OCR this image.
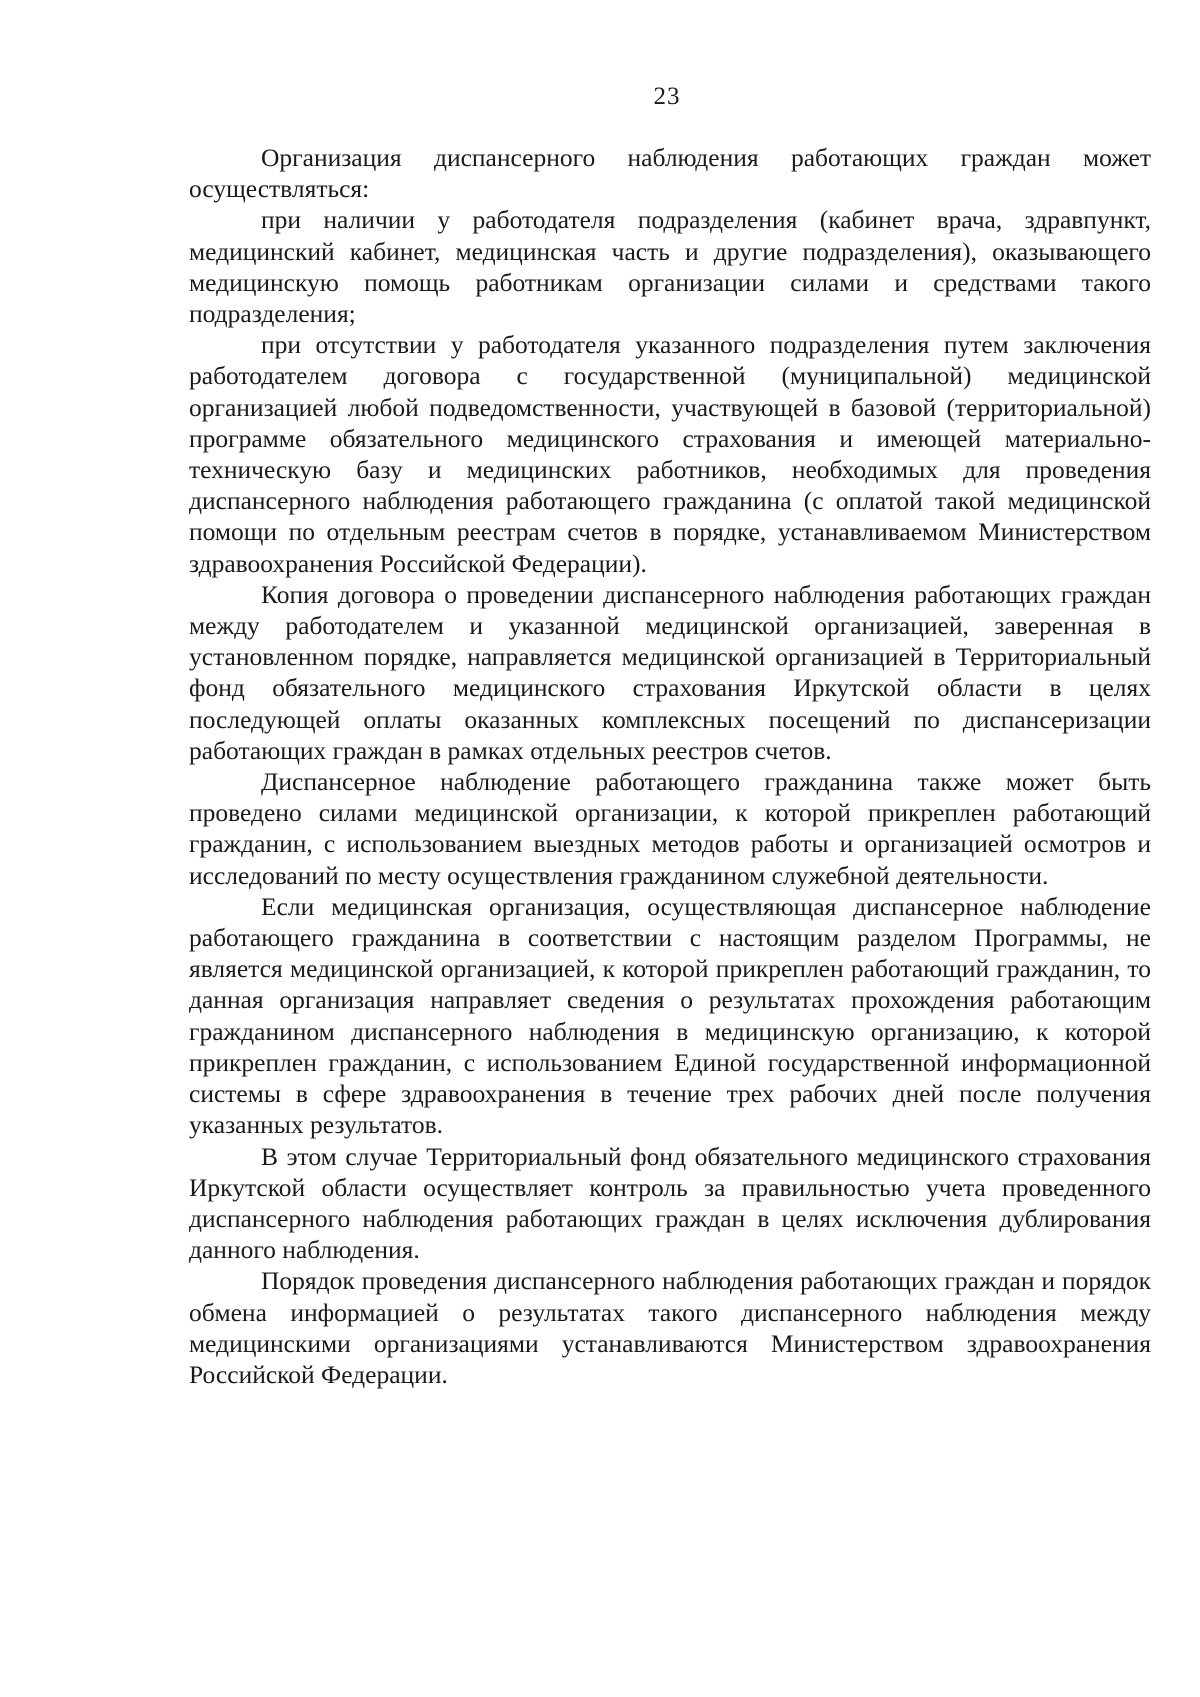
23

Организация диспансерного наблюдения работающих граждан может осуществляться:

при наличии у работодателя подразделения (кабинет врача, здравпункт, медицинский кабинет, медицинская часть и другие подразделения), оказывающего медицинскую помощь работникам организации силами и средствами такого подразделения;

при отсутствии у работодателя указанного подразделения путем заключения работодателем договора с государственной (муниципальной) медицинской организацией любой подведомственности, участвующей в базовой (территориальной) программе обязательного медицинского страхования и имеющей материально-техническую базу и медицинских работников, необходимых для проведения диспансерного наблюдения работающего гражданина (с оплатой такой медицинской помощи по отдельным реестрам счетов в порядке, устанавливаемом Министерством здравоохранения Российской Федерации).

Копия договора о проведении диспансерного наблюдения работающих граждан между работодателем и указанной медицинской организацией, заверенная в установленном порядке, направляется медицинской организацией в Территориальный фонд обязательного медицинского страхования Иркутской области в целях последующей оплаты оказанных комплексных посещений по диспансеризации работающих граждан в рамках отдельных реестров счетов.

Диспансерное наблюдение работающего гражданина также может быть проведено силами медицинской организации, к которой прикреплен работающий гражданин, с использованием выездных методов работы и организацией осмотров и исследований по месту осуществления гражданином служебной деятельности.

Если медицинская организация, осуществляющая диспансерное наблюдение работающего гражданина в соответствии с настоящим разделом Программы, не является медицинской организацией, к которой прикреплен работающий гражданин, то данная организация направляет сведения о результатах прохождения работающим гражданином диспансерного наблюдения в медицинскую организацию, к которой прикреплен гражданин, с использованием Единой государственной информационной системы в сфере здравоохранения в течение трех рабочих дней после получения указанных результатов.

В этом случае Территориальный фонд обязательного медицинского страхования Иркутской области осуществляет контроль за правильностью учета проведенного диспансерного наблюдения работающих граждан в целях исключения дублирования данного наблюдения.

Порядок проведения диспансерного наблюдения работающих граждан и порядок обмена информацией о результатах такого диспансерного наблюдения между медицинскими организациями устанавливаются Министерством здравоохранения Российской Федерации.
